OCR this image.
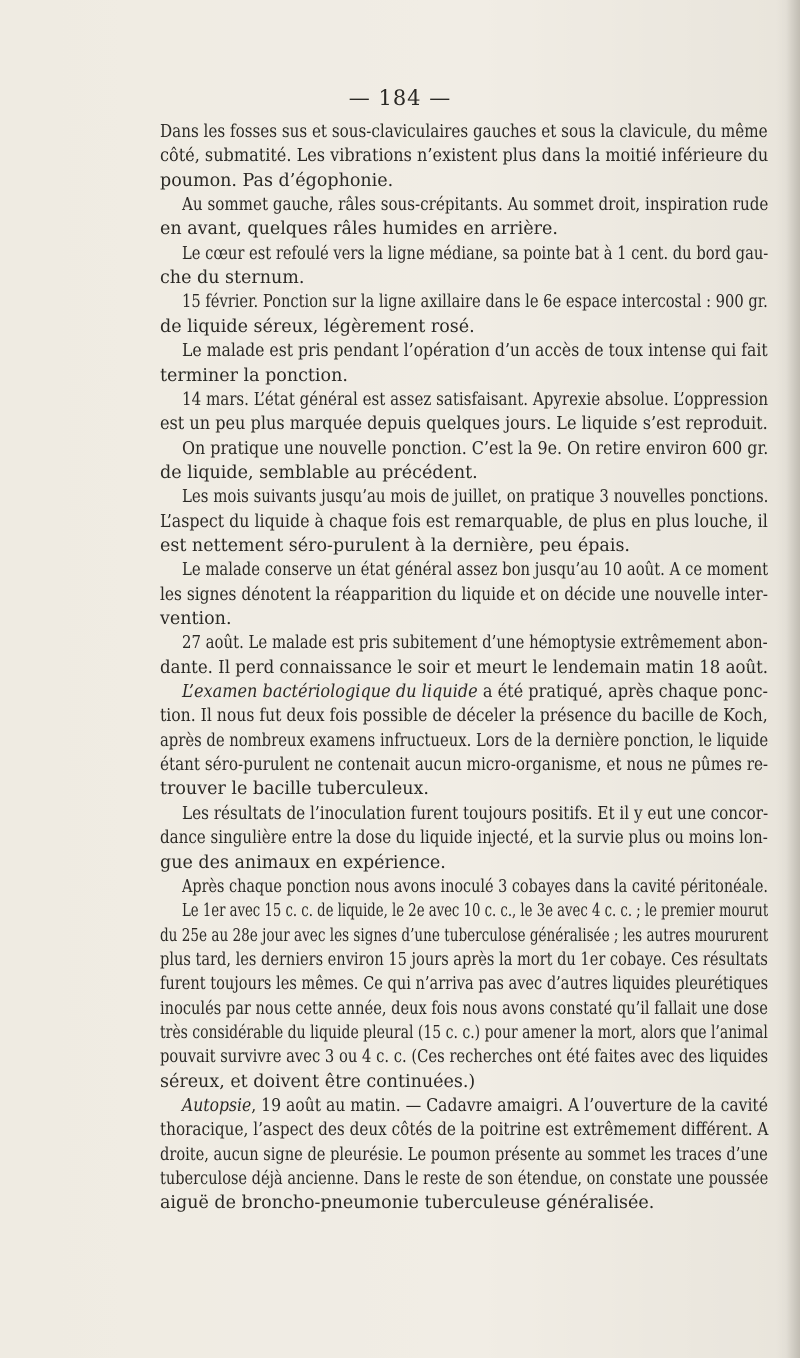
— 184 —
Dans les fosses sus et sous-claviculaires gauches et sous la clavicule, du même
côté, submatité. Les vibrations n’existent plus dans la moitié inférieure du
poumon. Pas d’égophonie.
Au sommet gauche, râles sous-crépitants. Au sommet droit, inspiration rude
en avant, quelques râles humides en arrière.
Le cœur est refoulé vers la ligne médiane, sa pointe bat à 1 cent. du bord gau-
che du sternum.
15 février. Ponction sur la ligne axillaire dans le 6e espace intercostal : 900 gr.
de liquide séreux, légèrement rosé.
Le malade est pris pendant l’opération d’un accès de toux intense qui fait
terminer la ponction.
14 mars. L’état général est assez satisfaisant. Apyrexie absolue. L’oppression
est un peu plus marquée depuis quelques jours. Le liquide s’est reproduit.
On pratique une nouvelle ponction. C’est la 9e. On retire environ 600 gr.
de liquide, semblable au précédent.
Les mois suivants jusqu’au mois de juillet, on pratique 3 nouvelles ponctions.
L’aspect du liquide à chaque fois est remarquable, de plus en plus louche, il
est nettement séro-purulent à la dernière, peu épais.
Le malade conserve un état général assez bon jusqu’au 10 août. A ce moment
les signes dénotent la réapparition du liquide et on décide une nouvelle inter-
vention.
27 août. Le malade est pris subitement d’une hémoptysie extrêmement abon-
dante. Il perd connaissance le soir et meurt le lendemain matin 18 août.
L’examen bactériologique du liquide a été pratiqué, après chaque ponc-
tion. Il nous fut deux fois possible de déceler la présence du bacille de Koch,
après de nombreux examens infructueux. Lors de la dernière ponction, le liquide
étant séro-purulent ne contenait aucun micro-organisme, et nous ne pûmes re-
trouver le bacille tuberculeux.
Les résultats de l’inoculation furent toujours positifs. Et il y eut une concor-
dance singulière entre la dose du liquide injecté, et la survie plus ou moins lon-
gue des animaux en expérience.
Après chaque ponction nous avons inoculé 3 cobayes dans la cavité péritonéale.
Le 1er avec 15 c. c. de liquide, le 2e avec 10 c. c., le 3e avec 4 c. c. ; le premier mourut
du 25e au 28e jour avec les signes d’une tuberculose généralisée ; les autres moururent
plus tard, les derniers environ 15 jours après la mort du 1er cobaye. Ces résultats
furent toujours les mêmes. Ce qui n’arriva pas avec d’autres liquides pleurétiques
inoculés par nous cette année, deux fois nous avons constaté qu’il fallait une dose
très considérable du liquide pleural (15 c. c.) pour amener la mort, alors que l’animal
pouvait survivre avec 3 ou 4 c. c. (Ces recherches ont été faites avec des liquides
séreux, et doivent être continuées.)
Autopsie, 19 août au matin. — Cadavre amaigri. A l’ouverture de la cavité
thoracique, l’aspect des deux côtés de la poitrine est extrêmement différent. A
droite, aucun signe de pleurésie. Le poumon présente au sommet les traces d’une
tuberculose déjà ancienne. Dans le reste de son étendue, on constate une poussée
aiguë de broncho-pneumonie tuberculeuse généralisée.
